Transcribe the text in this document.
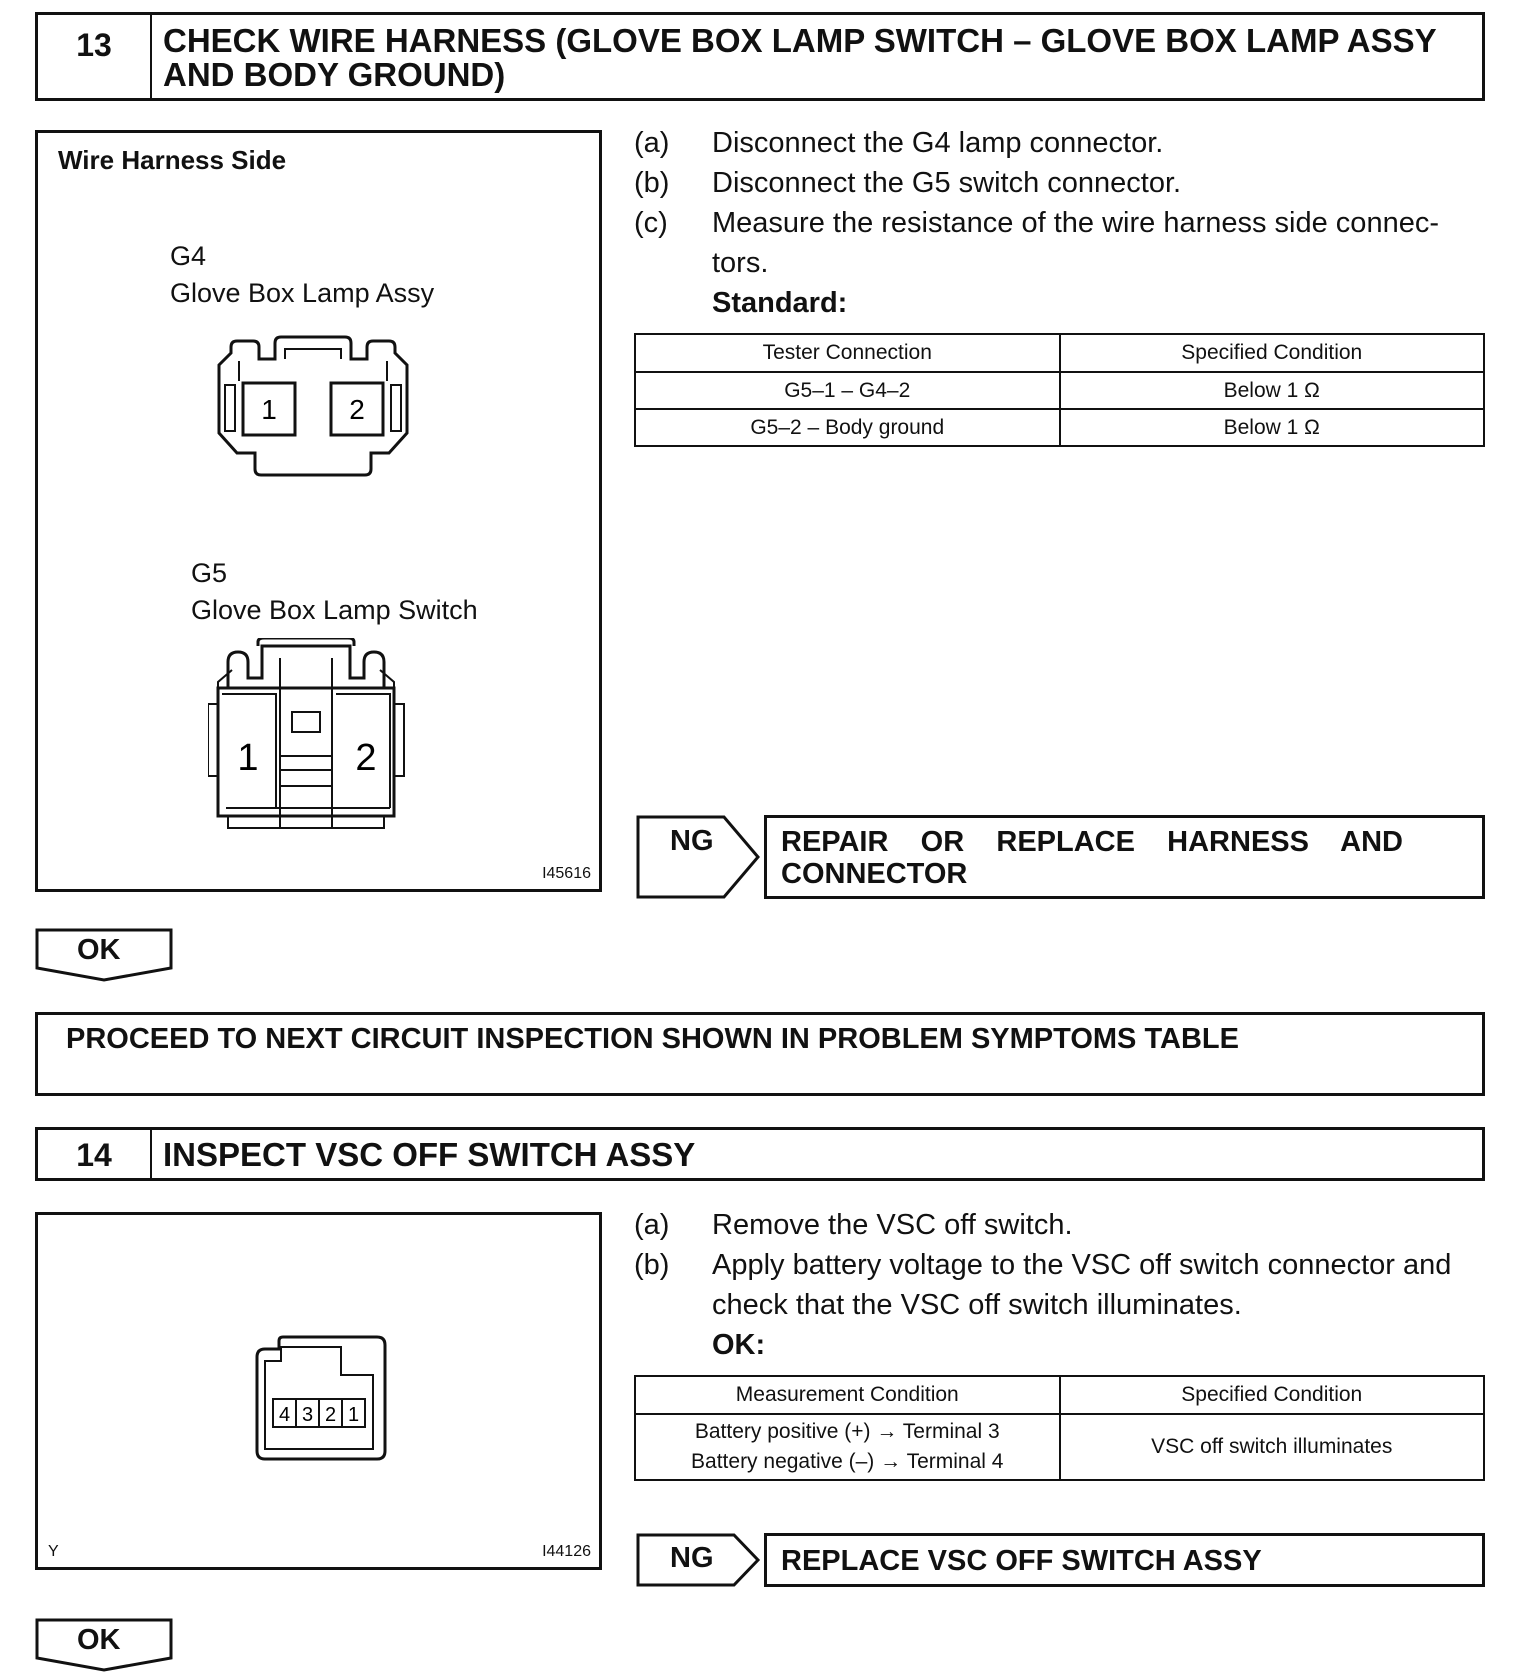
13	CHECK WIRE HARNESS (GLOVE BOX LAMP SWITCH – GLOVE BOX LAMP ASSY
AND BODY GROUND)
Wire Harness Side
G4
Glove Box Lamp Assy
1	2
G5
Glove Box Lamp Switch
1	2
I45616
(a) Disconnect the G4 lamp connector.
(b) Disconnect the G5 switch connector.
(c) Measure the resistance of the wire harness side connec-
tors.
Standard:
Tester Connection	Specified Condition
G5–1 – G4–2	Below 1 Ω
G5–2 – Body ground	Below 1 Ω
NG REPAIR    OR    REPLACE    HARNESS    AND
CONNECTOR
OK
PROCEED TO NEXT CIRCUIT INSPECTION SHOWN IN PROBLEM SYMPTOMS TABLE
14	INSPECT VSC OFF SWITCH ASSY
4 3 2 1
Y	I44126
(a) Remove the VSC off switch.
(b) Apply battery voltage to the VSC off switch connector and
check that the VSC off switch illuminates.
OK:
Measurement Condition	Specified Condition

Battery positive (+) → Terminal 3
Battery negative (–) → Terminal 4	VSC off switch illuminates
NG REPLACE VSC OFF SWITCH ASSY
OK
